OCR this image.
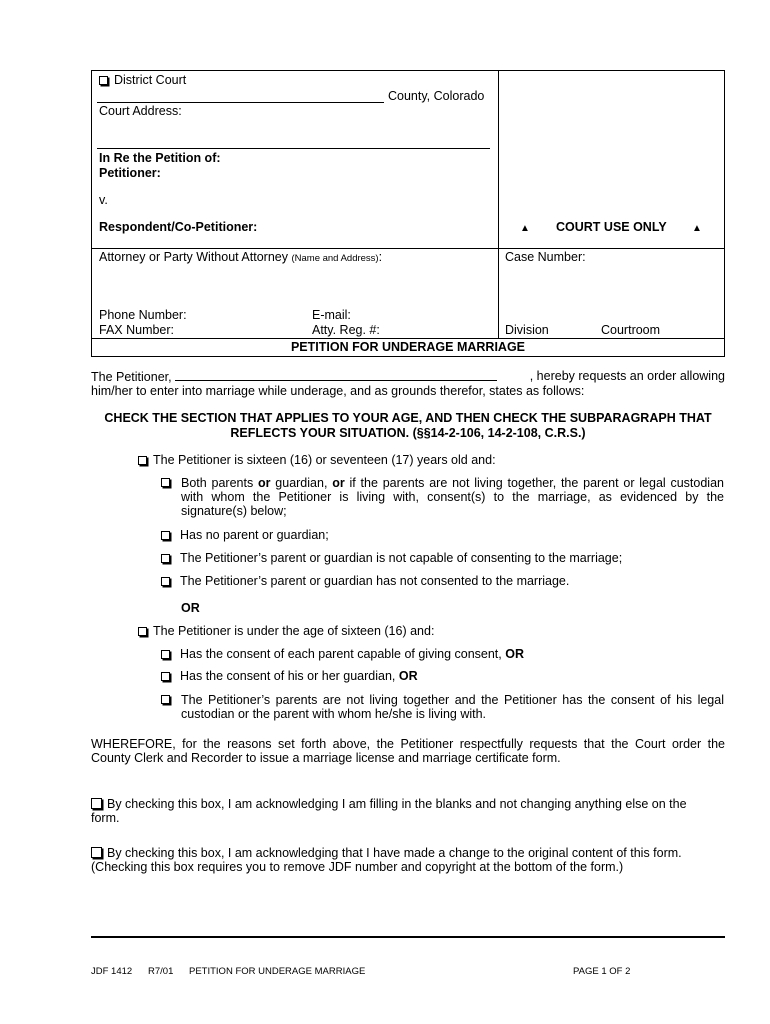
District Court
County, Colorado
Court Address:
In Re the Petition of:
Petitioner:
v.
Respondent/Co-Petitioner:	▲ COURT USE ONLY	▲
Attorney or Party Without Attorney (Name and Address):	Case Number:
Phone Number:	E-mail:
FAX Number:	Atty. Reg. #:	Division	Courtroom
PETITION FOR UNDERAGE MARRIAGE
The Petitioner,	, hereby requests an order allowing
him/her to enter into marriage while underage, and as grounds therefor, states as follows:
CHECK THE SECTION THAT APPLIES TO YOUR AGE, AND THEN CHECK THE SUBPARAGRAPH THAT
REFLECTS YOUR SITUATION. (§§14-2-106, 14-2-108, C.R.S.)
The Petitioner is sixteen (16) or seventeen (17) years old and:
Both parents or guardian, or if the parents are not living together, the parent or legal custodian
with whom the Petitioner is living with, consent(s) to the marriage, as evidenced by the
signature(s) below;
Has no parent or guardian;
The Petitioner’s parent or guardian is not capable of consenting to the marriage;
The Petitioner’s parent or guardian has not consented to the marriage.
OR
The Petitioner is under the age of sixteen (16) and:
Has the consent of each parent capable of giving consent, OR
Has the consent of his or her guardian, OR
The Petitioner’s parents are not living together and the Petitioner has the consent of his legal
custodian or the parent with whom he/she is living with.
WHEREFORE, for the reasons set forth above, the Petitioner respectfully requests that the Court order the
County Clerk and Recorder to issue a marriage license and marriage certificate form.
By checking this box, I am acknowledging I am filling in the blanks and not changing anything else on the
form.
By checking this box, I am acknowledging that I have made a change to the original content of this form.
(Checking this box requires you to remove JDF number and copyright at the bottom of the form.)
JDF 1412 R7/01 PETITION FOR UNDERAGE MARRIAGE	PAGE 1 OF 2
